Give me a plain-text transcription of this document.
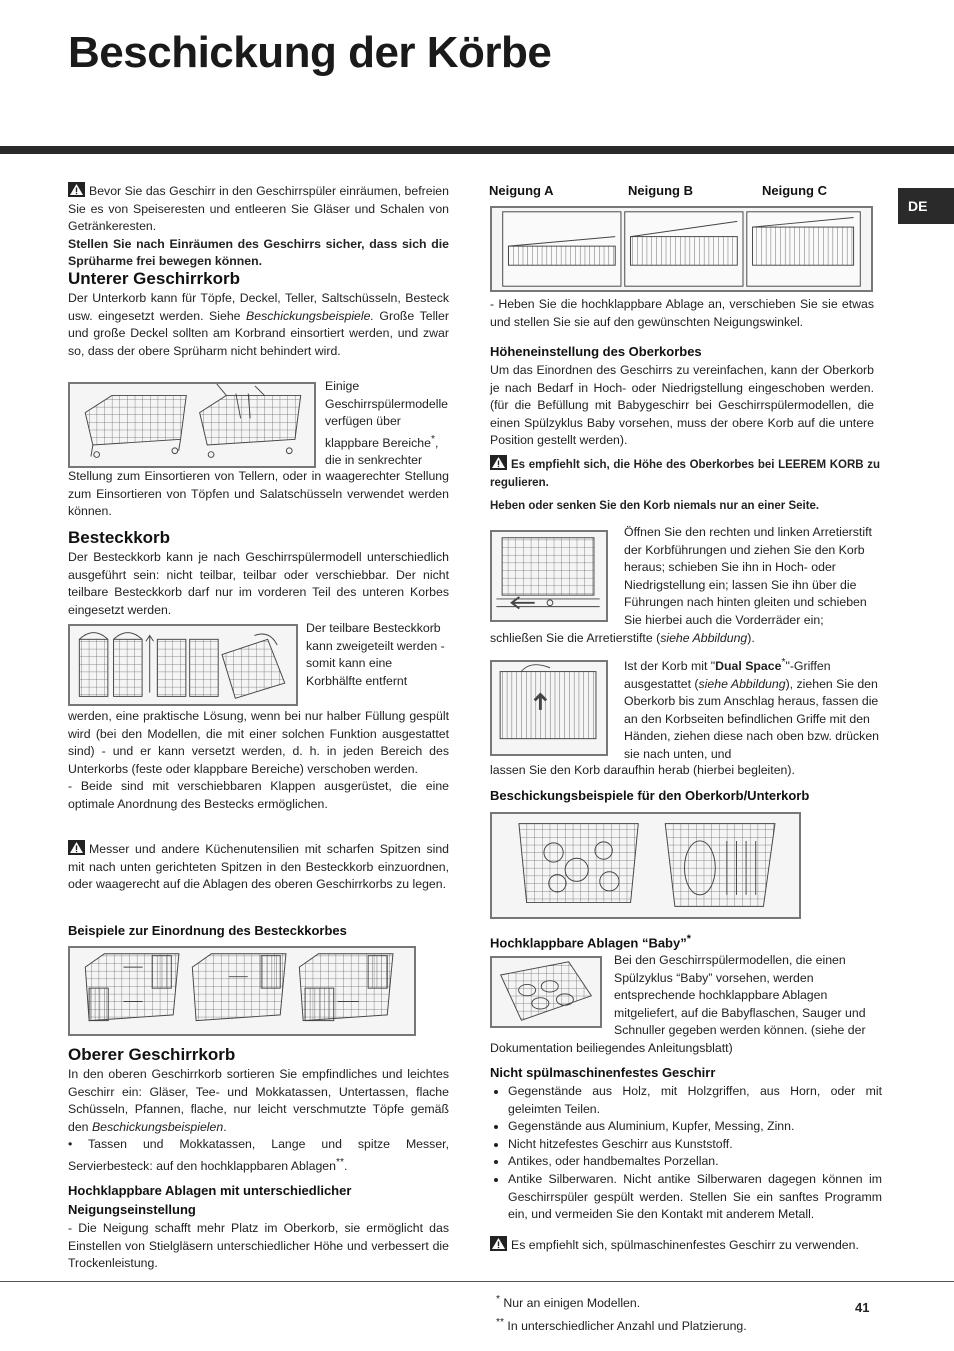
Beschickung der Körbe
DE

Bevor Sie das Geschirr in den Geschirrspüler einräumen, befreien Sie es von Speiseresten und entleeren Sie Gläser und Schalen von Getränkeresten.

Stellen Sie nach Einräumen des Geschirrs sicher, dass sich die Sprüharme frei bewegen können.

Unterer Geschirrkorb

Der Unterkorb kann für Töpfe, Deckel, Teller, Saltschüsseln, Besteck usw. eingesetzt werden. Siehe Beschickungsbeispiele. Große Teller und große Deckel sollten am Korbrand einsortiert werden, und zwar so, dass der obere Sprüharm nicht behindert wird.

Einige Geschirrspülermodelle verfügen über klappbare Bereiche*, die in senkrechter

Stellung zum Einsortieren von Tellern, oder in waagerechter Stellung zum Einsortieren von Töpfen und Salatschüsseln verwendet werden können.
Besteckkorb
Der Besteckkorb kann je nach Geschirrspülermodell unterschiedlich ausgeführt sein: nicht teilbar, teilbar oder verschiebbar. Der nicht teilbare Besteckkorb darf nur im vorderen Teil des unteren Korbes eingesetzt werden.
Der teilbare Besteckkorb kann zweigeteilt werden - somit kann eine Korbhälfte entfernt

werden, eine praktische Lösung, wenn bei nur halber Füllung gespült wird (bei den Modellen, die mit einer solchen Funktion ausgestattet sind) - und er kann versetzt werden, d. h. in jeden Bereich des Unterkorbs (feste oder klappbare Bereiche) verschoben werden.

- Beide sind mit verschiebbaren Klappen ausgerüstet, die eine optimale Anordnung des Bestecks ermöglichen.

Messer und andere Küchenutensilien mit scharfen Spitzen sind mit nach unten gerichteten Spitzen in den Besteckkorb einzuordnen, oder waagerecht auf die Ablagen des oberen Geschirrkorbs zu legen.

Beispiele zur Einordnung des Besteckkorbes
Oberer Geschirrkorb

In den oberen Geschirrkorb sortieren Sie empfindliches und leichtes Geschirr ein: Gläser, Tee- und Mokkatassen, Untertassen, flache Schüsseln, Pfannen, flache, nur leicht verschmutzte Töpfe gemäß den Beschickungsbeispielen.

• Tassen und Mokkatassen, Lange und spitze Messer, Servierbesteck: auf den hochklappbaren Ablagen**.

Hochklappbare Ablagen mit unterschiedlicher Neigungseinstellung
- Die Neigung schafft mehr Platz im Oberkorb, sie ermöglicht das Einstellen von Stielgläsern unterschiedlicher Höhe und verbessert die Trockenleistung.
Neigung A	Neigung B	Neigung C
- Heben Sie die hochklappbare Ablage an, verschieben Sie sie etwas und stellen Sie sie auf den gewünschten Neigungswinkel.
Höheneinstellung des Oberkorbes
Um das Einordnen des Geschirrs zu vereinfachen, kann der Oberkorb je nach Bedarf in Hoch- oder Niedrigstellung eingeschoben werden. (für die Befüllung mit Babygeschirr bei Geschirrspülermodellen, die einen Spülzyklus Baby vorsehen, muss der obere Korb auf die untere Position gestellt werden).

Es empfiehlt sich, die Höhe des Oberkorbes bei LEEREM KORB zu regulieren.

Heben oder senken Sie den Korb niemals nur an einer Seite.

Öffnen Sie den rechten und linken Arretierstift der Korbführungen und ziehen Sie den Korb heraus; schieben Sie ihn in Hoch- oder Niedrigstellung ein; lassen Sie ihn über die Führungen nach hinten gleiten und schieben Sie hierbei auch die Vorderräder ein;

schließen Sie die Arretierstifte (siehe Abbildung).

Ist der Korb mit "Dual Space*"-Griffen ausgestattet (siehe Abbildung), ziehen Sie den Oberkorb bis zum Anschlag heraus, fassen die an den Korbseiten befindlichen Griffe mit den Händen, ziehen diese nach oben bzw. drücken sie nach unten, und

lassen Sie den Korb daraufhin herab (hierbei begleiten).
Beschickungsbeispiele für den Oberkorb/Unterkorb
Hochklappbare Ablagen “Baby”*
Bei den Geschirrspülermodellen, die einen Spülzyklus “Baby” vorsehen, werden entsprechende hochklappbare Ablagen mitgeliefert, auf die Babyflaschen, Sauger und Schnuller gegeben werden können. (siehe der
Dokumentation beiliegendes Anleitungsblatt)
Nicht spülmaschinenfestes Geschirr
• Gegenstände aus Holz, mit Holzgriffen, aus Horn, oder mit geleimten Teilen.
• Gegenstände aus Aluminium, Kupfer, Messing, Zinn.
• Nicht hitzefestes Geschirr aus Kunststoff.
• Antikes, oder handbemaltes Porzellan.
• Antike Silberwaren. Nicht antike Silberwaren dagegen können im Geschirrspüler gespült werden. Stellen Sie ein sanftes Programm ein, und vermeiden Sie den Kontakt mit anderem Metall.

Es empfiehlt sich, spülmaschinenfestes Geschirr zu verwenden.

* Nur an einigen Modellen.
** In unterschiedlicher Anzahl und Platzierung.
41
